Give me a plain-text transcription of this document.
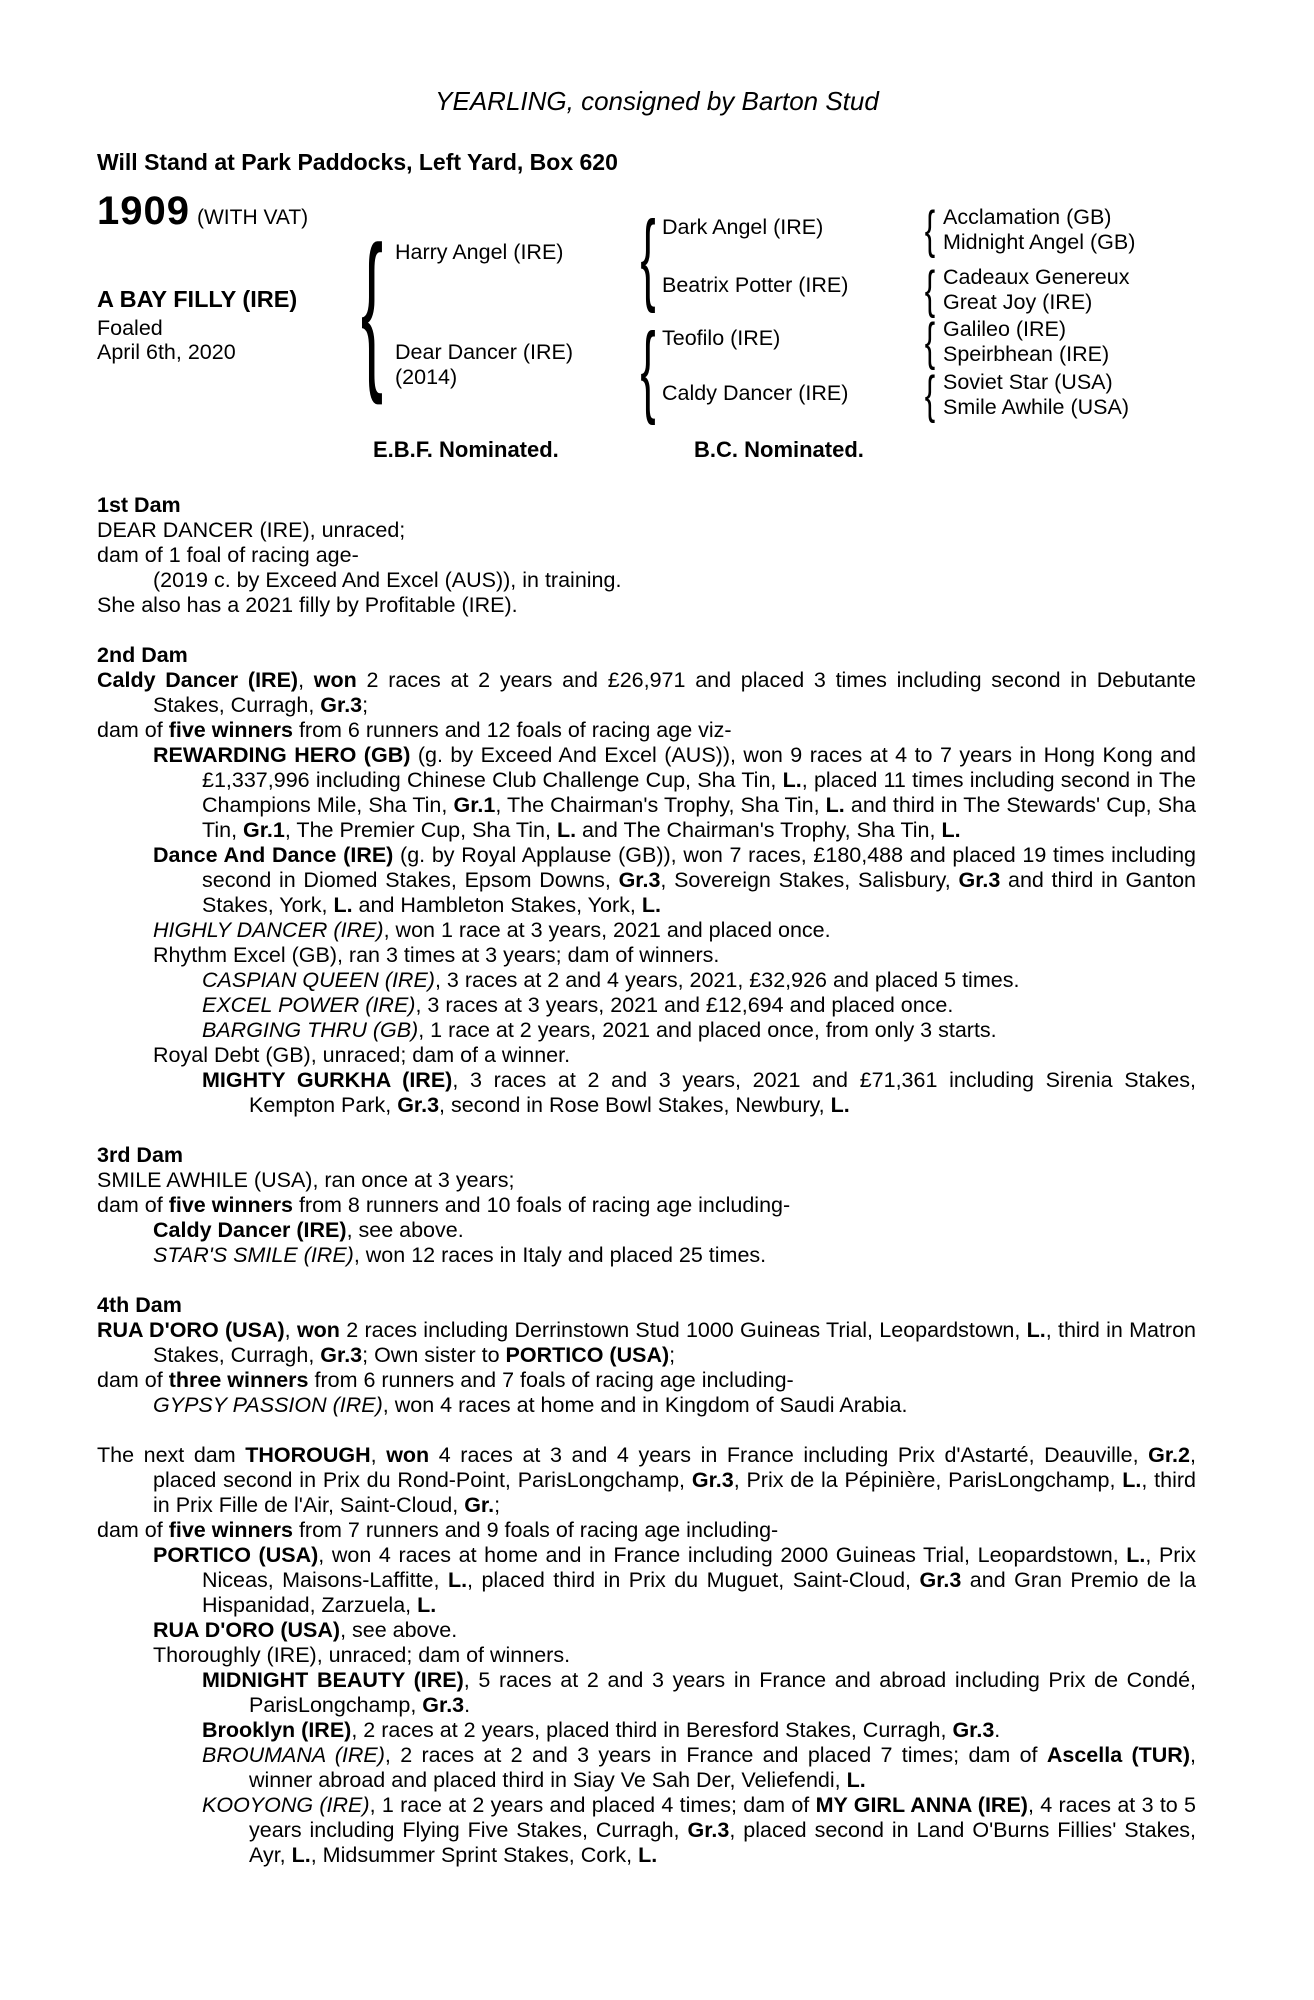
YEARLING, consigned by Barton Stud
Will Stand at Park Paddocks, Left Yard, Box 620
1909 (WITH VAT)
A BAY FILLY (IRE)
Foaled
April 6th, 2020
Harry Angel (IRE)
Dear Dancer (IRE)
(2014)
Dark Angel (IRE)
Beatrix Potter (IRE)
Teofilo (IRE)
Caldy Dancer (IRE)
Acclamation (GB)
Midnight Angel (GB)
Cadeaux Genereux
Great Joy (IRE)
Galileo (IRE)
Speirbhean (IRE)
Soviet Star (USA)
Smile Awhile (USA)
{	{
{
{
{
{
{
E.B.F. Nominated.	B.C. Nominated.
1st Dam
DEAR DANCER (IRE), unraced;
dam of 1 foal of racing age-
(2019 c. by Exceed And Excel (AUS)), in training.
She also has a 2021 filly by Profitable (IRE).
2nd Dam
Caldy Dancer (IRE), won 2 races at 2 years and £26,971 and placed 3 times including second in Debutante Stakes, Curragh, Gr.3;
dam of five winners from 6 runners and 12 foals of racing age viz-
REWARDING HERO (GB) (g. by Exceed And Excel (AUS)), won 9 races at 4 to 7 years in Hong Kong and £1,337,996 including Chinese Club Challenge Cup, Sha Tin, L., placed 11 times including second in The Champions Mile, Sha Tin, Gr.1, The Chairman's Trophy, Sha Tin, L. and third in The Stewards' Cup, Sha Tin, Gr.1, The Premier Cup, Sha Tin, L. and The Chairman's Trophy, Sha Tin, L.
Dance And Dance (IRE) (g. by Royal Applause (GB)), won 7 races, £180,488 and placed 19 times including second in Diomed Stakes, Epsom Downs, Gr.3, Sovereign Stakes, Salisbury, Gr.3 and third in Ganton Stakes, York, L. and Hambleton Stakes, York, L.
HIGHLY DANCER (IRE), won 1 race at 3 years, 2021 and placed once.
Rhythm Excel (GB), ran 3 times at 3 years; dam of winners.
CASPIAN QUEEN (IRE), 3 races at 2 and 4 years, 2021, £32,926 and placed 5 times.
EXCEL POWER (IRE), 3 races at 3 years, 2021 and £12,694 and placed once.
BARGING THRU (GB), 1 race at 2 years, 2021 and placed once, from only 3 starts.
Royal Debt (GB), unraced; dam of a winner.
MIGHTY GURKHA (IRE), 3 races at 2 and 3 years, 2021 and £71,361 including Sirenia Stakes, Kempton Park, Gr.3, second in Rose Bowl Stakes, Newbury, L.
3rd Dam
SMILE AWHILE (USA), ran once at 3 years;
dam of five winners from 8 runners and 10 foals of racing age including-
Caldy Dancer (IRE), see above.
STAR'S SMILE (IRE), won 12 races in Italy and placed 25 times.
4th Dam
RUA D'ORO (USA), won 2 races including Derrinstown Stud 1000 Guineas Trial, Leopardstown, L., third in Matron Stakes, Curragh, Gr.3; Own sister to PORTICO (USA);
dam of three winners from 6 runners and 7 foals of racing age including-
GYPSY PASSION (IRE), won 4 races at home and in Kingdom of Saudi Arabia.
The next dam THOROUGH, won 4 races at 3 and 4 years in France including Prix d'Astarté, Deauville, Gr.2, placed second in Prix du Rond-Point, ParisLongchamp, Gr.3, Prix de la Pépinière, ParisLongchamp, L., third in Prix Fille de l'Air, Saint-Cloud, Gr.;
dam of five winners from 7 runners and 9 foals of racing age including-
PORTICO (USA), won 4 races at home and in France including 2000 Guineas Trial, Leopardstown, L., Prix Niceas, Maisons-Laffitte, L., placed third in Prix du Muguet, Saint-Cloud, Gr.3 and Gran Premio de la Hispanidad, Zarzuela, L.
RUA D'ORO (USA), see above.
Thoroughly (IRE), unraced; dam of winners.
MIDNIGHT BEAUTY (IRE), 5 races at 2 and 3 years in France and abroad including Prix de Condé, ParisLongchamp, Gr.3.
Brooklyn (IRE), 2 races at 2 years, placed third in Beresford Stakes, Curragh, Gr.3.
BROUMANA (IRE), 2 races at 2 and 3 years in France and placed 7 times; dam of Ascella (TUR), winner abroad and placed third in Siay Ve Sah Der, Veliefendi, L.
KOOYONG (IRE), 1 race at 2 years and placed 4 times; dam of MY GIRL ANNA (IRE), 4 races at 3 to 5 years including Flying Five Stakes, Curragh, Gr.3, placed second in Land O'Burns Fillies' Stakes, Ayr, L., Midsummer Sprint Stakes, Cork, L.
